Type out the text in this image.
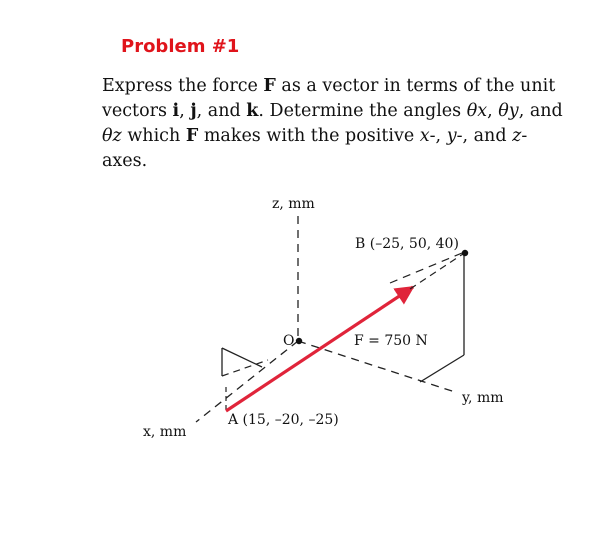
Problem #1

Express the force F as a vector in terms of the unit vectors i, j, and k. Determine the angles θx, θy, and θz which F makes with the positive x-, y-, and z-axes.

z, mm
y, mm
x, mm
O
B (–25, 50, 40)
A (15, –20, –25)
F = 750 N
